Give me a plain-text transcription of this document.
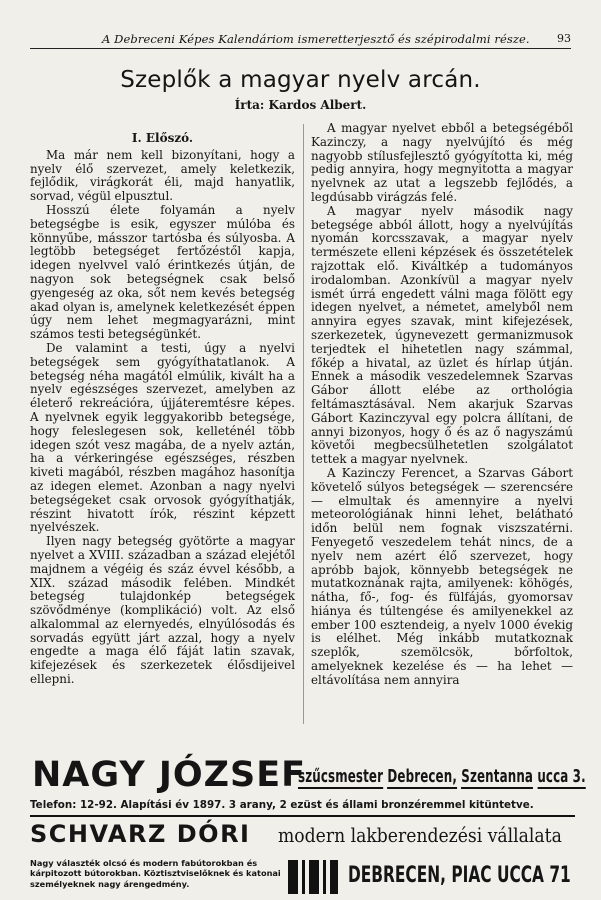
A Debreceni Képes Kalendáriom ismeretterjesztő és szépirodalmi része. 93
Szeplők a magyar nyelv arcán.
Írta: Kardos Albert.

I. Előszó.

Ma már nem kell bizonyítani, hogy a nyelv élő szervezet, amely keletkezik, fejlődik, virágkorát éli, majd hanyatlik, sorvad, végül elpusztul.

Hosszú élete folyamán a nyelv betegségbe is esik, egyszer múlóba és könnyűbe, másszor tartósba és súlyosba. A legtöbb betegséget fertőzéstől kapja, idegen nyelvvel való érintkezés útján, de nagyon sok betegségnek csak belső gyengeség az oka, sőt nem kevés betegség akad olyan is, amelynek keletkezését éppen úgy nem lehet megmagyarázni, mint számos testi betegségünkét.

De valamint a testi, úgy a nyelvi betegségek sem gyógyíthatatlanok. A betegség néha magától elmúlik, kivált ha a nyelv egészséges szervezet, amelyben az életerő rekreációra, újjáteremtésre képes. A nyelvnek egyik leggyakoribb betegsége, hogy feleslegesen sok, kelleténél több idegen szót vesz magába, de a nyelv aztán, ha a vérkeringése egészséges, részben kiveti magából, részben magához hasonítja az idegen elemet. Azonban a nagy nyelvi betegségeket csak orvosok gyógyíthatják, részint hivatott írók, részint képzett nyelvészek.

Ilyen nagy betegség gyötörte a magyar nyelvet a XVIII. században a század elejétől majdnem a végéig és száz évvel később, a XIX. század második felében. Mindkét betegség tulajdonkép betegségek szövődménye (komplikáció) volt. Az első alkalommal az elernyedés, elnyúlósodás és sorvadás együtt járt azzal, hogy a nyelv engedte a maga élő fáját latin szavak, kifejezések és szerkezetek élősdijeivel ellepni.

A magyar nyelvet ebből a betegségéből Kazinczy, a nagy nyelvújító és még nagyobb stílusfejlesztő gyógyította ki, még pedig annyira, hogy megnyitotta a magyar nyelvnek az utat a legszebb fejlődés, a legdúsabb virágzás felé.

A magyar nyelv második nagy betegsége abból állott, hogy a nyelvújítás nyomán korcsszavak, a magyar nyelv természete elleni képzések és összetételek rajzottak elő. Kiváltkép a tudományos irodalomban. Azonkívül a magyar nyelv ismét úrrá engedett válni maga fölött egy idegen nyelvet, a németet, amelyből nem annyira egyes szavak, mint kifejezések, szerkezetek, úgynevezett germanizmusok terjedtek el hihetetlen nagy számmal, főkép a hivatal, az üzlet és hírlap útján. Ennek a második veszedelemnek Szarvas Gábor állott elébe az orthológia feltámasztásával. Nem akarjuk Szarvas Gábort Kazinczyval egy polcra állítani, de annyi bizonyos, hogy ő és az ő nagyszámú követői megbecsülhetetlen szolgálatot tettek a magyar nyelvnek.

A Kazinczy Ferencet, a Szarvas Gábort követelő súlyos betegségek — szerencsére — elmultak és amennyire a nyelvi meteorológiának hinni lehet, belátható időn belül nem fognak viszszatérni. Fenyegető veszedelem tehát nincs, de a nyelv nem azért élő szervezet, hogy apróbb bajok, könnyebb betegségek ne mutatkoznának rajta, amilyenek: köhögés, nátha, fő-, fog- és fülfájás, gyomorsav hiánya és túltengése és amilyenekkel az ember 100 esztendeig, a nyelv 1000 évekig is elélhet. Még inkább mutatkoznak szeplők, szemölcsök, bőrfoltok, amelyeknek kezelése és — ha lehet — eltávolítása nem annyira

NAGY JÓZSEF
szűcsmester Debrecen, Szentanna ucca 3.
Telefon: 12-92. Alapítási év 1897. 3 arany, 2 ezüst és állami bronzéremmel kitüntetve.
SCHVARZ DÓRI modern lakberendezési vállalata
Nagy választék olcsó és modern fabútorokban és kárpitozott bútorokban. Köztisztviselőknek és katonai személyeknek nagy árengedmény.	DEBRECEN, PIAC UCCA 71
